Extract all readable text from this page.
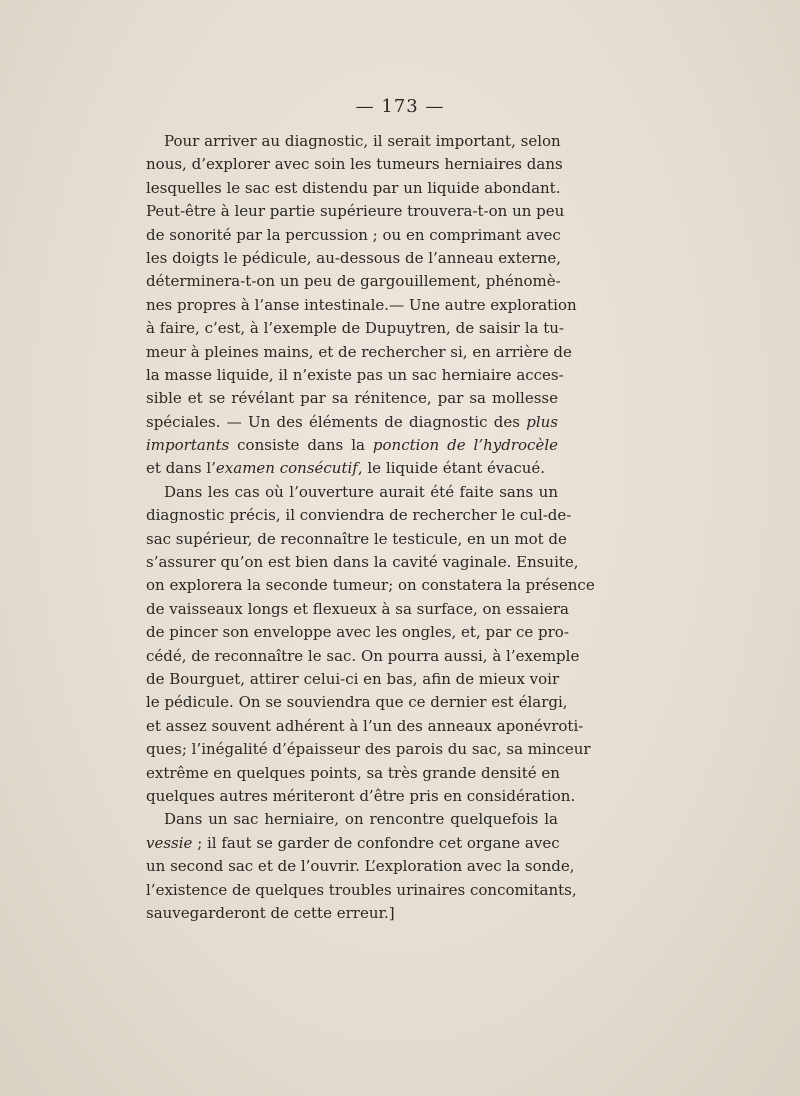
— 173 —
Pour arriver au diagnostic, il serait important, selon
nous, d’explorer avec soin les tumeurs herniaires dans
lesquelles le sac est distendu par un liquide abondant.
Peut-être à leur partie supérieure trouvera-t-on un peu
de sonorité par la percussion ; ou en comprimant avec
les doigts le pédicule, au-dessous de l’anneau externe,
déterminera-t-on un peu de gargouillement, phénomè-
nes propres à l’anse intestinale.— Une autre exploration
à faire, c’est, à l’exemple de Dupuytren, de saisir la tu-
meur à pleines mains, et de rechercher si, en arrière de
la masse liquide, il n’existe pas un sac herniaire acces-
sible et se révélant par sa rénitence, par sa mollesse
spéciales. — Un des éléments de diagnostic des plus
importants consiste dans la ponction de l’hydrocèle
et dans l’examen consécutif, le liquide étant évacué.
Dans les cas où l’ouverture aurait été faite sans un
diagnostic précis, il conviendra de rechercher le cul-de-
sac supérieur, de reconnaître le testicule, en un mot de
s’assurer qu’on est bien dans la cavité vaginale. Ensuite,
on explorera la seconde tumeur; on constatera la présence
de vaisseaux longs et flexueux à sa surface, on essaiera
de pincer son enveloppe avec les ongles, et, par ce pro-
cédé, de reconnaître le sac. On pourra aussi, à l’exemple
de Bourguet, attirer celui-ci en bas, afin de mieux voir
le pédicule. On se souviendra que ce dernier est élargi,
et assez souvent adhérent à l’un des anneaux aponévroti-
ques; l’inégalité d’épaisseur des parois du sac, sa minceur
extrême en quelques points, sa très grande densité en
quelques autres mériteront d’être pris en considération.
Dans un sac herniaire, on rencontre quelquefois la
vessie ; il faut se garder de confondre cet organe avec
un second sac et de l’ouvrir. L’exploration avec la sonde,
l’existence de quelques troubles urinaires concomitants,
sauvegarderont de cette erreur.]
